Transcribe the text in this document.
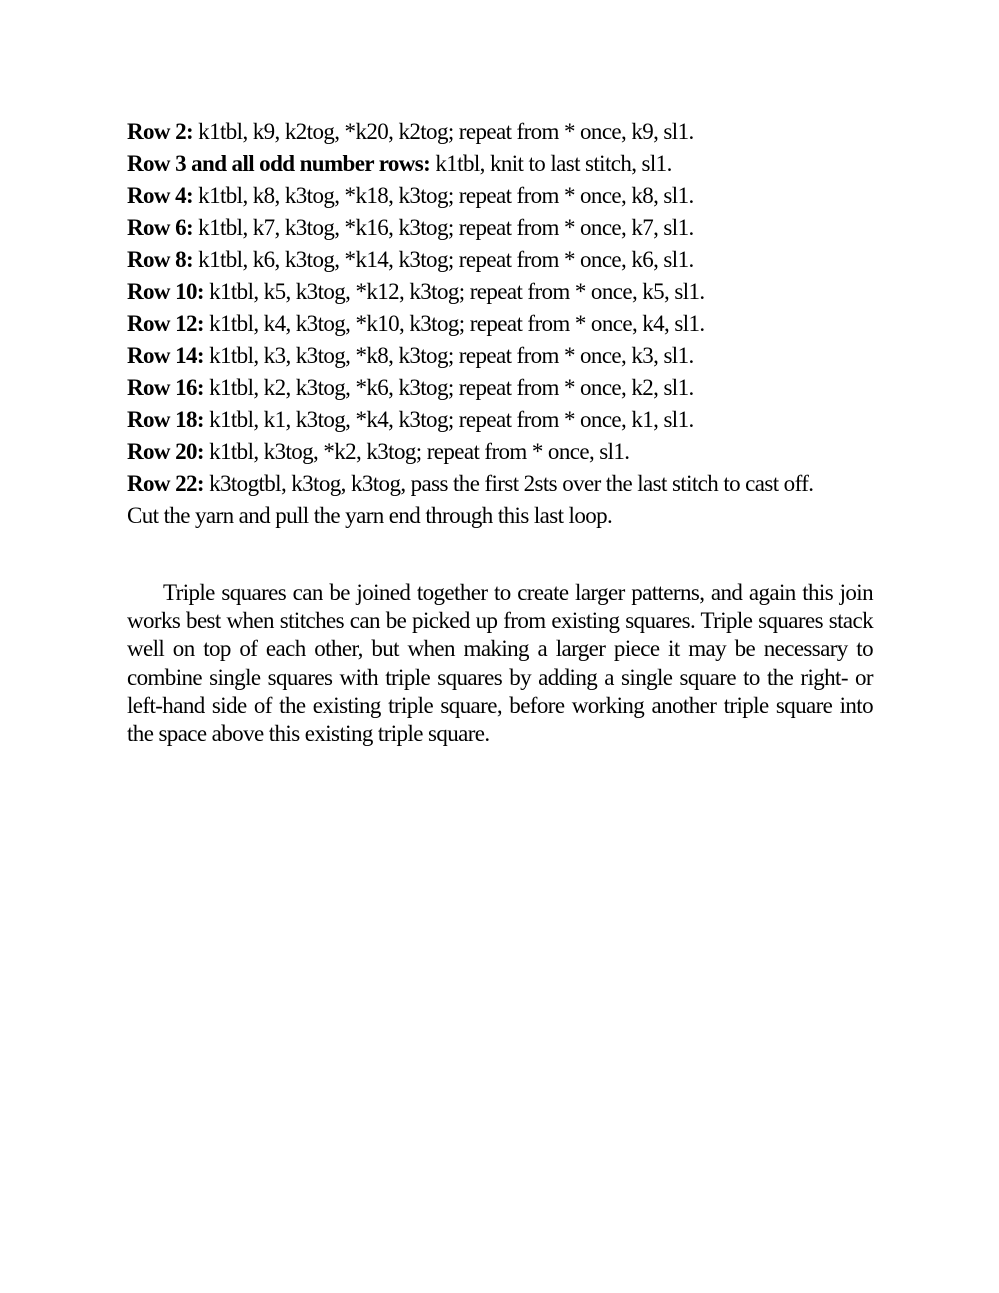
Row 2: k1tbl, k9, k2tog, *k20, k2tog; repeat from * once, k9, sl1.
Row 3 and all odd number rows: k1tbl, knit to last stitch, sl1.
Row 4: k1tbl, k8, k3tog, *k18, k3tog; repeat from * once, k8, sl1.
Row 6: k1tbl, k7, k3tog, *k16, k3tog; repeat from * once, k7, sl1.
Row 8: k1tbl, k6, k3tog, *k14, k3tog; repeat from * once, k6, sl1.
Row 10: k1tbl, k5, k3tog, *k12, k3tog; repeat from * once, k5, sl1.
Row 12: k1tbl, k4, k3tog, *k10, k3tog; repeat from * once, k4, sl1.
Row 14: k1tbl, k3, k3tog, *k8, k3tog; repeat from * once, k3, sl1.
Row 16: k1tbl, k2, k3tog, *k6, k3tog; repeat from * once, k2, sl1.
Row 18: k1tbl, k1, k3tog, *k4, k3tog; repeat from * once, k1, sl1.
Row 20: k1tbl, k3tog, *k2, k3tog; repeat from * once, sl1.
Row 22: k3togtbl, k3tog, k3tog, pass the first 2sts over the last stitch to cast off.
Cut the yarn and pull the yarn end through this last loop.

Triple squares can be joined together to create larger patterns, and again this join works best when stitches can be picked up from existing squares. Triple squares stack well on top of each other, but when making a larger piece it may be necessary to combine single squares with triple squares by adding a single square to the right- or left-hand side of the existing triple square, before working another triple square into the space above this existing triple square.
